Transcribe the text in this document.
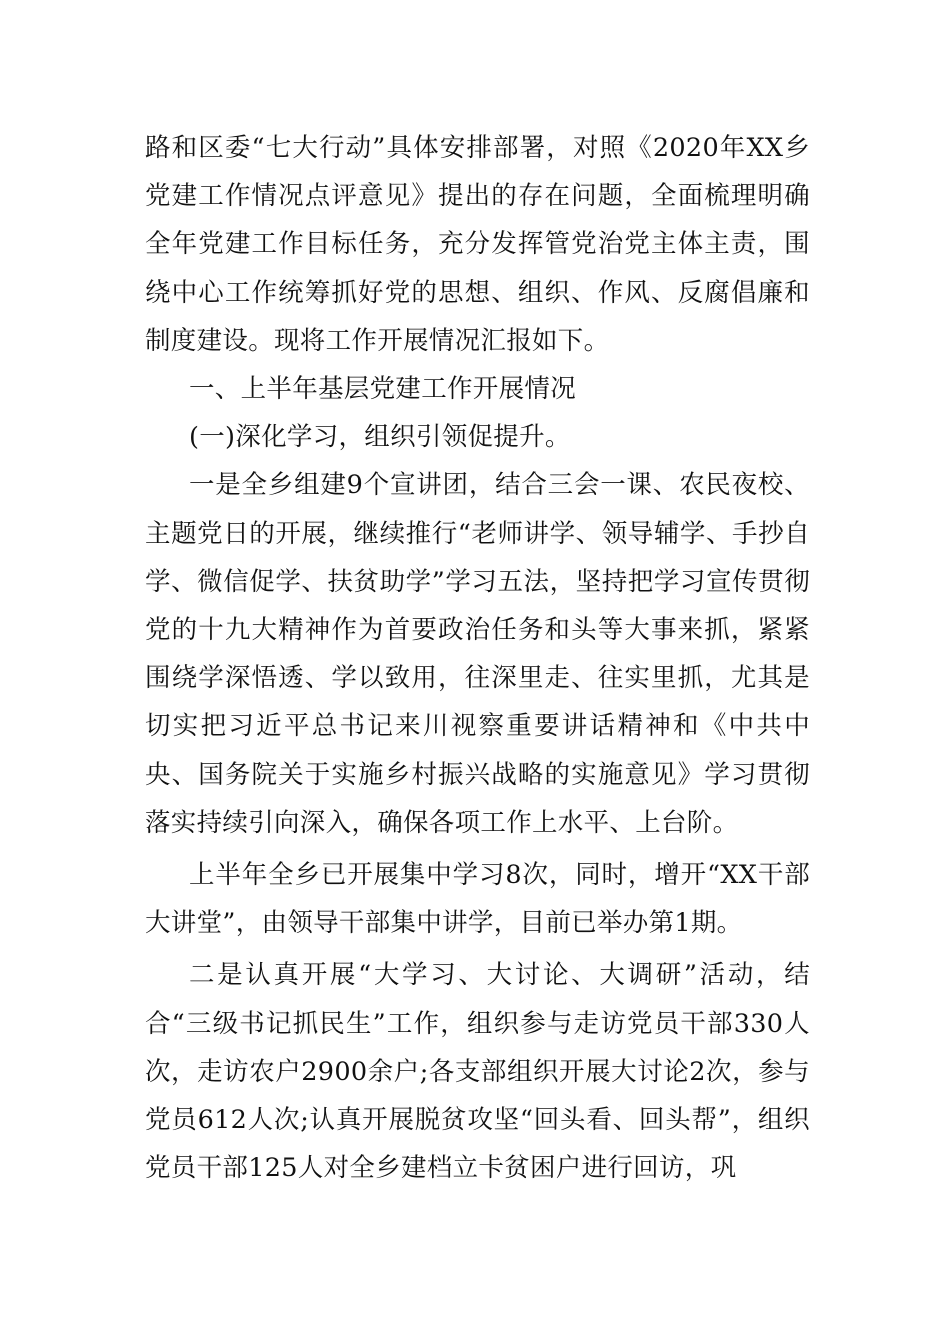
路和区委“七大行动”具体安排部署，对照《2020年XX乡党建工作情况点评意见》提出的存在问题，全面梳理明确全年党建工作目标任务，充分发挥管党治党主体主责，围绕中心工作统筹抓好党的思想、组织、作风、反腐倡廉和制度建设。现将工作开展情况汇报如下。

一、上半年基层党建工作开展情况

(一)深化学习，组织引领促提升。

一是全乡组建9个宣讲团，结合三会一课、农民夜校、主题党日的开展，继续推行“老师讲学、领导辅学、手抄自学、微信促学、扶贫助学”学习五法，坚持把学习宣传贯彻党的十九大精神作为首要政治任务和头等大事来抓，紧紧围绕学深悟透、学以致用，往深里走、往实里抓，尤其是切实把习近平总书记来川视察重要讲话精神和《中共中央、国务院关于实施乡村振兴战略的实施意见》学习贯彻落实持续引向深入，确保各项工作上水平、上台阶。

上半年全乡已开展集中学习8次，同时，增开“XX干部大讲堂”，由领导干部集中讲学，目前已举办第1期。

二是认真开展“大学习、大讨论、大调研”活动，结合“三级书记抓民生”工作，组织参与走访党员干部330人次，走访农户2900余户;各支部组织开展大讨论2次，参与党员612人次;认真开展脱贫攻坚“回头看、回头帮”，组织党员干部125人对全乡建档立卡贫困户进行回访，巩
